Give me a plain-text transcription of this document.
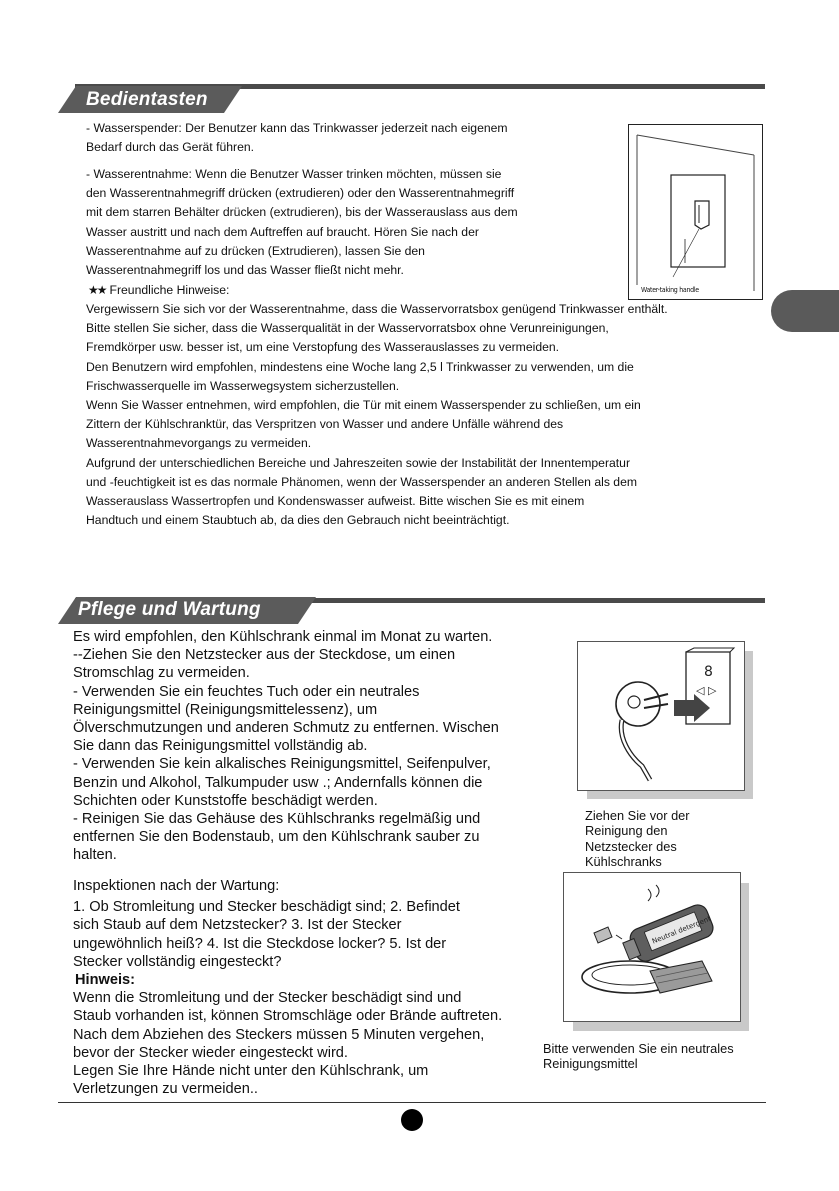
Bedientasten

- Wasserspender: Der Benutzer kann das Trinkwasser jederzeit nach eigenem

Bedarf durch das Gerät führen.

- Wasserentnahme: Wenn die Benutzer Wasser trinken möchten, müssen sie

den Wasserentnahmegriff drücken (extrudieren) oder den Wasserentnahmegriff

mit dem starren Behälter drücken (extrudieren), bis der Wasserauslass aus dem

Wasser austritt und nach dem Auftreffen auf braucht. Hören Sie nach der

Wasserentnahme auf zu drücken (Extrudieren), lassen Sie den

Wasserentnahmegriff los und das Wasser fließt nicht mehr.

★★ Freundliche Hinweise:

Vergewissern Sie sich vor der Wasserentnahme, dass die Wasservorratsbox genügend Trinkwasser enthält.

Bitte stellen Sie sicher, dass die Wasserqualität in der Wasservorratsbox ohne Verunreinigungen,

Fremdkörper usw. besser ist, um eine Verstopfung des Wasserauslasses zu vermeiden.

Den Benutzern wird empfohlen, mindestens eine Woche lang 2,5 l Trinkwasser zu verwenden, um die

Frischwasserquelle im Wasserwegsystem sicherzustellen.

Wenn Sie Wasser entnehmen, wird empfohlen, die Tür mit einem Wasserspender zu schließen, um ein

Zittern der Kühlschranktür, das Verspritzen von Wasser und andere Unfälle während des

Wasserentnahmevorgangs zu vermeiden.

Aufgrund der unterschiedlichen Bereiche und Jahreszeiten sowie der Instabilität der Innentemperatur

und -feuchtigkeit ist es das normale Phänomen, wenn der Wasserspender an anderen Stellen als dem

Wasserauslass Wassertropfen und Kondenswasser aufweist. Bitte wischen Sie es mit einem

Handtuch und einem Staubtuch ab, da dies den Gebrauch nicht beeinträchtigt.

Water-taking handle
Pflege und Wartung

Es wird empfohlen, den Kühlschrank einmal im Monat zu warten.

--Ziehen Sie den Netzstecker aus der Steckdose, um einen

Stromschlag zu vermeiden.

- Verwenden Sie ein feuchtes Tuch oder ein neutrales

Reinigungsmittel (Reinigungsmittelessenz), um

Ölverschmutzungen und anderen Schmutz zu entfernen. Wischen

Sie dann das Reinigungsmittel vollständig ab.

- Verwenden Sie kein alkalisches Reinigungsmittel, Seifenpulver,

Benzin und Alkohol, Talkumpuder usw .; Andernfalls können die

Schichten oder Kunststoffe beschädigt werden.

- Reinigen Sie das Gehäuse des Kühlschranks regelmäßig und

entfernen Sie den Bodenstaub, um den Kühlschrank sauber zu

halten.

Inspektionen nach der Wartung:

1. Ob Stromleitung und Stecker beschädigt sind; 2. Befindet

sich Staub auf dem Netzstecker? 3. Ist der Stecker

ungewöhnlich heiß? 4. Ist die Steckdose locker? 5. Ist der

Stecker vollständig eingesteckt?

Hinweis:

Wenn die Stromleitung und der Stecker beschädigt sind und

Staub vorhanden ist, können Stromschläge oder Brände auftreten.

Nach dem Abziehen des Steckers müssen 5 Minuten vergehen,

bevor der Stecker wieder eingesteckt wird.

Legen Sie Ihre Hände nicht unter den Kühlschrank, um

Verletzungen zu vermeiden..

8
◁ ▷
Ziehen Sie vor der
Reinigung den
Netzstecker des
Kühlschranks
Neutral detergent
Bitte verwenden Sie ein neutrales
Reinigungsmittel
